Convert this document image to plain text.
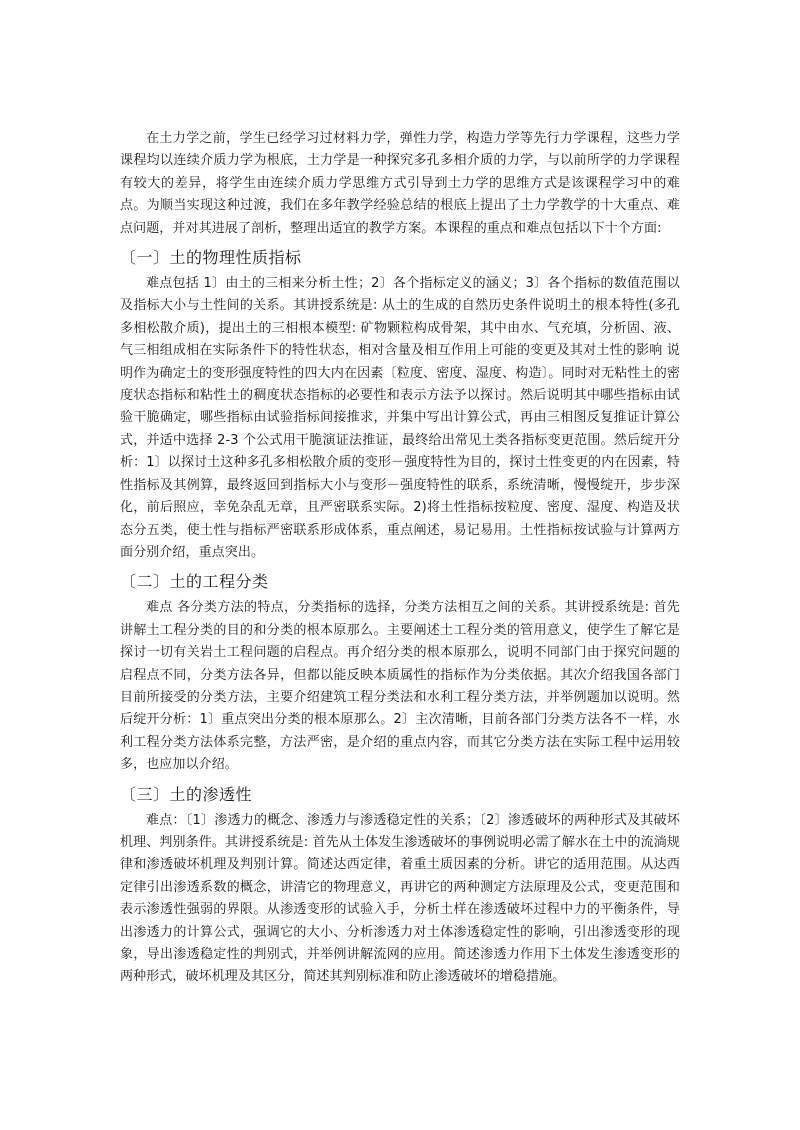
在土力学之前，学生已经学习过材料力学，弹性力学，构造力学等先行力学课程，这些力学课程均以连续介质力学为根底，土力学是一种探究多孔多相介质的力学，与以前所学的力学课程有较大的差异，将学生由连续介质力学思维方式引导到土力学的思维方式是该课程学习中的难点。为顺当实现这种过渡，我们在多年教学经验总结的根底上提出了土力学教学的十大重点、难点问题，并对其进展了剖析，整理出适宜的教学方案。本课程的重点和难点包括以下十个方面:

〔一〕土的物理性质指标

难点包括 1〕由土的三相来分析土性；2〕各个指标定义的涵义；3〕各个指标的数值范围以及指标大小与土性间的关系。其讲授系统是: 从土的生成的自然历史条件说明土的根本特性(多孔多相松散介质)，提出土的三相根本模型: 矿物颗粒构成骨架，其中由水、气充填，分析固、液、气三相组成相在实际条件下的特性状态，相对含量及相互作用上可能的变更及其对土性的影响 说明作为确定土的变形强度特性的四大内在因素〔粒度、密度、湿度、构造〕。同时对无粘性土的密度状态指标和粘性土的稠度状态指标的必要性和表示方法予以探讨。然后说明其中哪些指标由试验干脆确定，哪些指标由试验指标间接推求，并集中写出计算公式，再由三相图反复推证计算公式，并适中选择 2-3 个公式用干脆演证法推证，最终给出常见土类各指标变更范围。然后绽开分析：1〕以探讨土这种多孔多相松散介质的变形－强度特性为目的，探讨土性变更的内在因素，特性指标及其例算，最终返回到指标大小与变形－强度特性的联系，系统清晰，慢慢绽开，步步深化，前后照应，幸免杂乱无章，且严密联系实际。2)将土性指标按粒度、密度、湿度、构造及状态分五类，使土性与指标严密联系形成体系，重点阐述，易记易用。土性指标按试验与计算两方面分别介绍，重点突出。

〔二〕土的工程分类

难点 各分类方法的特点，分类指标的选择，分类方法相互之间的关系。其讲授系统是: 首先讲解土工程分类的目的和分类的根本原那么。主要阐述土工程分类的管用意义，使学生了解它是探讨一切有关岩土工程问题的启程点。再介绍分类的根本原那么，说明不同部门由于探究问题的启程点不同，分类方法各异，但都以能反映本质属性的指标作为分类依据。其次介绍我国各部门目前所接受的分类方法，主要介绍建筑工程分类法和水利工程分类方法，并举例题加以说明。然后绽开分析：1〕重点突出分类的根本原那么。2〕主次清晰，目前各部门分类方法各不一样，水利工程分类方法体系完整，方法严密，是介绍的重点内容，而其它分类方法在实际工程中运用较多，也应加以介绍。

〔三〕土的渗透性

难点：〔1〕渗透力的概念、渗透力与渗透稳定性的关系；〔2〕渗透破坏的两种形式及其破坏机理、判别条件。其讲授系统是: 首先从土体发生渗透破坏的事例说明必需了解水在土中的流淌规律和渗透破坏机理及判别计算。简述达西定律，着重土质因素的分析。讲它的适用范围。从达西定律引出渗透系数的概念，讲清它的物理意义，再讲它的两种测定方法原理及公式，变更范围和表示渗透性强弱的界限。从渗透变形的试验入手，分析土样在渗透破坏过程中力的平衡条件，导出渗透力的计算公式，强调它的大小、分析渗透力对土体渗透稳定性的影响，引出渗透变形的现象，导出渗透稳定性的判别式，并举例讲解流网的应用。简述渗透力作用下土体发生渗透变形的两种形式，破坏机理及其区分，简述其判别标准和防止渗透破坏的增稳措施。
